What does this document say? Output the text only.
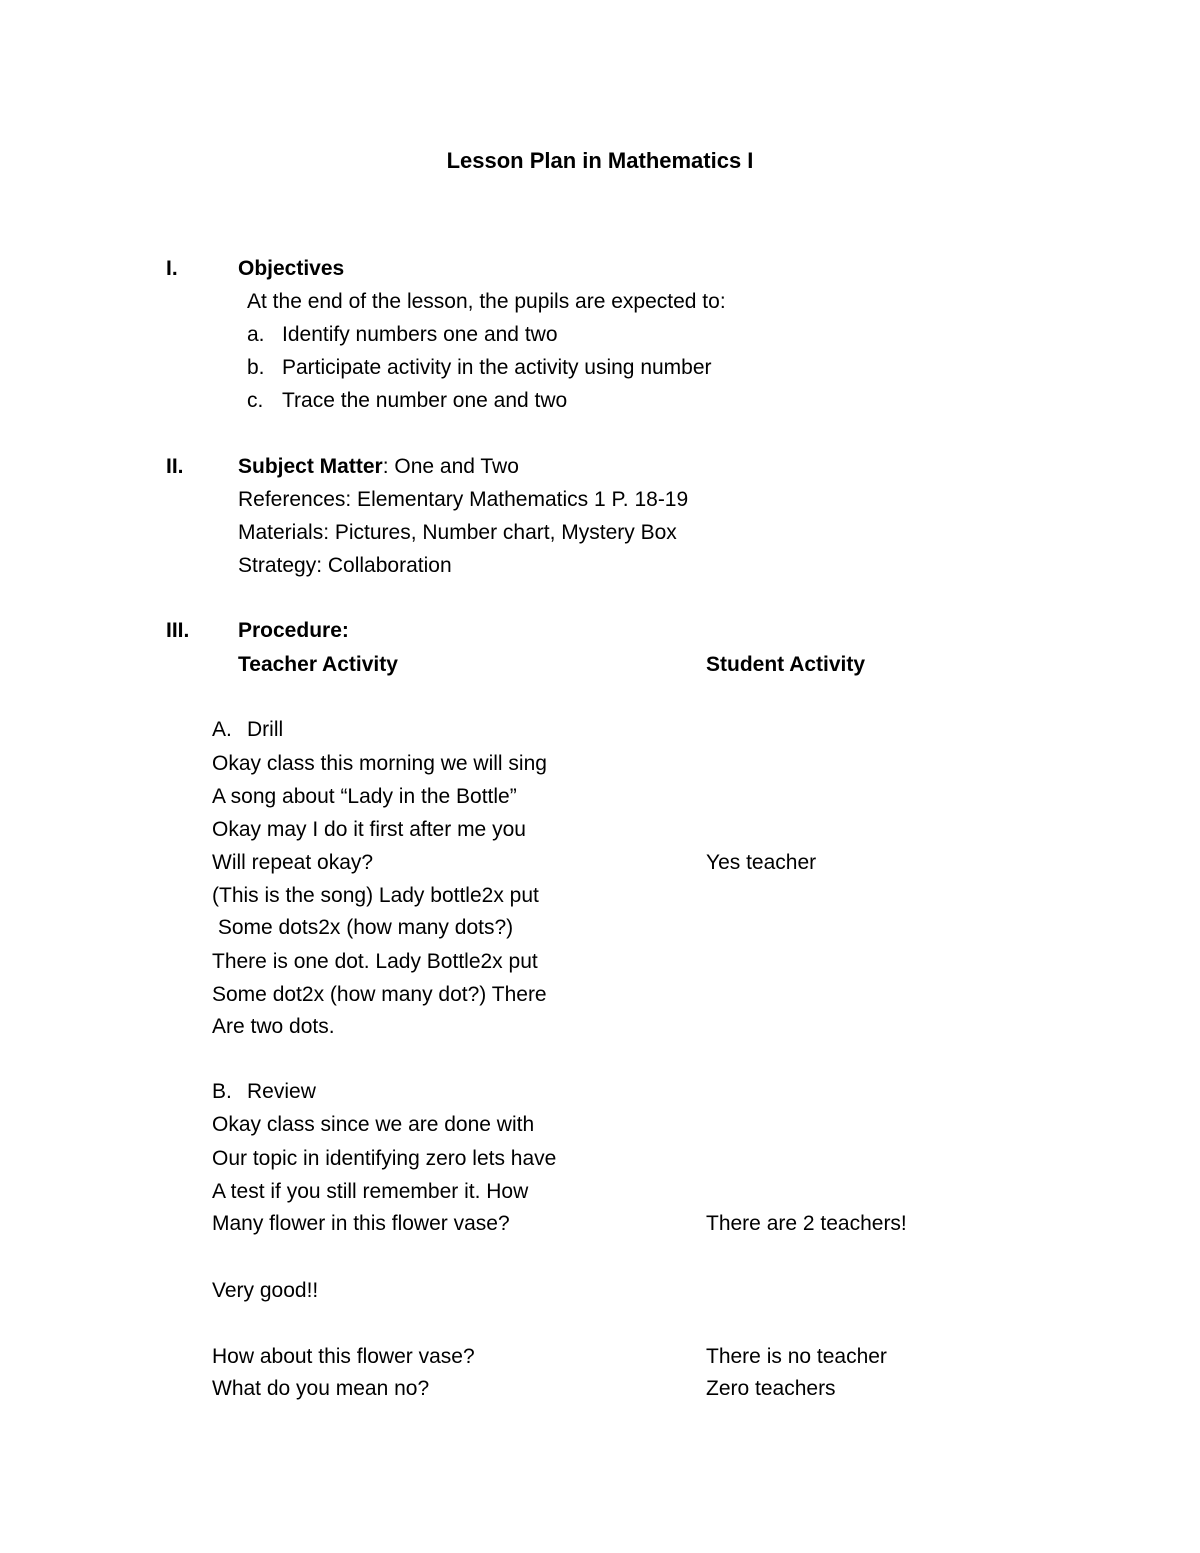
Lesson Plan in Mathematics I
I.	Objectives
At the end of the lesson, the pupils are expected to:
a. Identify numbers one and two
b. Participate activity in the activity using number
c. Trace the number one and two
II.	Subject Matter: One and Two
References: Elementary Mathematics 1 P. 18-19
Materials: Pictures, Number chart, Mystery Box
Strategy: Collaboration
III. Procedure:
Teacher Activity	Student Activity
A. Drill
Okay class this morning we will sing
A song about “Lady in the Bottle”
Okay may I do it first after me you
Will repeat okay?	Yes teacher
(This is the song) Lady bottle2x put
Some dots2x (how many dots?)
There is one dot. Lady Bottle2x put
Some dot2x (how many dot?) There
Are two dots.
B. Review
Okay class since we are done with
Our topic in identifying zero lets have
A test if you still remember it. How
Many flower in this flower vase?	There are 2 teachers!
Very good!!
How about this flower vase?	There is no teacher
What do you mean no?	Zero teachers
